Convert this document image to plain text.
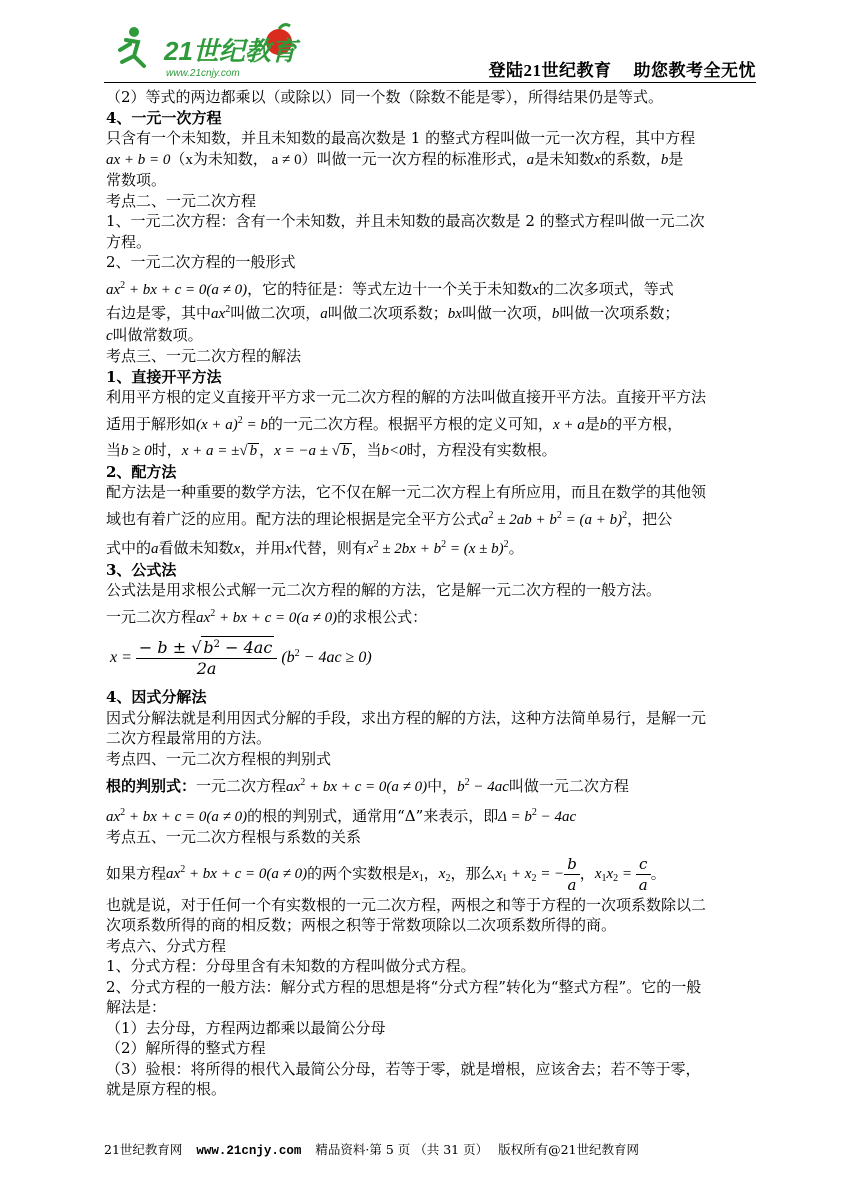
21世纪教育
www.21cnjy.com	登陆21世纪教育 助您教考全无忧

（2）等式的两边都乘以（或除以）同一个数（除数不能是零），所得结果仍是等式。

4、一元一次方程

只含有一个未知数，并且未知数的最高次数是 1 的整式方程叫做一元一次方程，其中方程

ax + b = 0（x为未知数， a ≠ 0）叫做一元一次方程的标准形式，a是未知数x的系数，b是

常数项。

考点二、一元二次方程

1、一元二次方程：含有一个未知数，并且未知数的最高次数是 2 的整式方程叫做一元二次

方程。

2、一元二次方程的一般形式

$ax^2$ + bx + c = 0(a ≠ 0)，它的特征是：等式左边十一个关于未知数x的二次多项式，等式

右边是零，其中$ax^2$叫做二次项，a叫做二次项系数；bx叫做一次项，b叫做一次项系数；

c叫做常数项。

考点三、一元二次方程的解法

1、直接开平方法

利用平方根的定义直接开平方求一元二次方程的解的方法叫做直接开平方法。直接开平方法

适用于解形如$(x + a)^2 = b$的一元二次方程。根据平方根的定义可知，x + a是b的平方根，

当b ≥ 0时，x + a = ±√ b ，x = −a ± √ b ，当b<0时，方程没有实数根。

2、配方法

配方法是一种重要的数学方法，它不仅在解一元二次方程上有所应用，而且在数学的其他领

域也有着广泛的应用。配方法的理论根据是完全平方公式$a^2 \pm 2ab + b^2 = (a + b)^2$，把公

式中的a看做未知数x，并用x代替，则有$x^2 \pm 2bx + b^2 = (x \pm b)^2$。

3、公式法

公式法是用求根公式解一元二次方程的解的方法，它是解一元二次方程的一般方法。

一元二次方程$ax^2$ + bx + c = 0(a ≠ 0)的求根公式：

$x = \frac{- b \pm √ b^2 - 4ac}{2a} (b^2 - 4ac \ge 0)$

4、因式分解法

因式分解法就是利用因式分解的手段，求出方程的解的方法，这种方法简单易行，是解一元

二次方程最常用的方法。

考点四、一元二次方程根的判别式

根的判别式：一元二次方程$ax^2$ + bx + c = 0(a ≠ 0)中，$b^2 - 4ac$叫做一元二次方程

$ax^2$ + bx + c = 0(a ≠ 0)的根的判别式，通常用“Δ”来表示，即$\Delta = b^2 - 4ac$

考点五、一元二次方程根与系数的关系

如果方程$ax^2$ + bx + c = 0(a ≠ 0)的两个实数根是$x_1$，$x_2$，那么$x_1 + x_2$ = − $\frac{b}{a}$ ，$x_1x_2 = \frac{c}{a}$ 。

也就是说，对于任何一个有实数根的一元二次方程，两根之和等于方程的一次项系数除以二

次项系数所得的商的相反数；两根之积等于常数项除以二次项系数所得的商。

考点六、分式方程

1、分式方程：分母里含有未知数的方程叫做分式方程。

2、分式方程的一般方法：解分式方程的思想是将“分式方程”转化为“整式方程”。它的一般

解法是：

（1）去分母，方程两边都乘以最简公分母

（2）解所得的整式方程

（3）验根：将所得的根代入最简公分母，若等于零，就是增根，应该舍去；若不等于零，

就是原方程的根。

21世纪教育网 www.21cnjy.com 精品资料·第 5 页 （共 31 页） 版权所有@21世纪教育网
